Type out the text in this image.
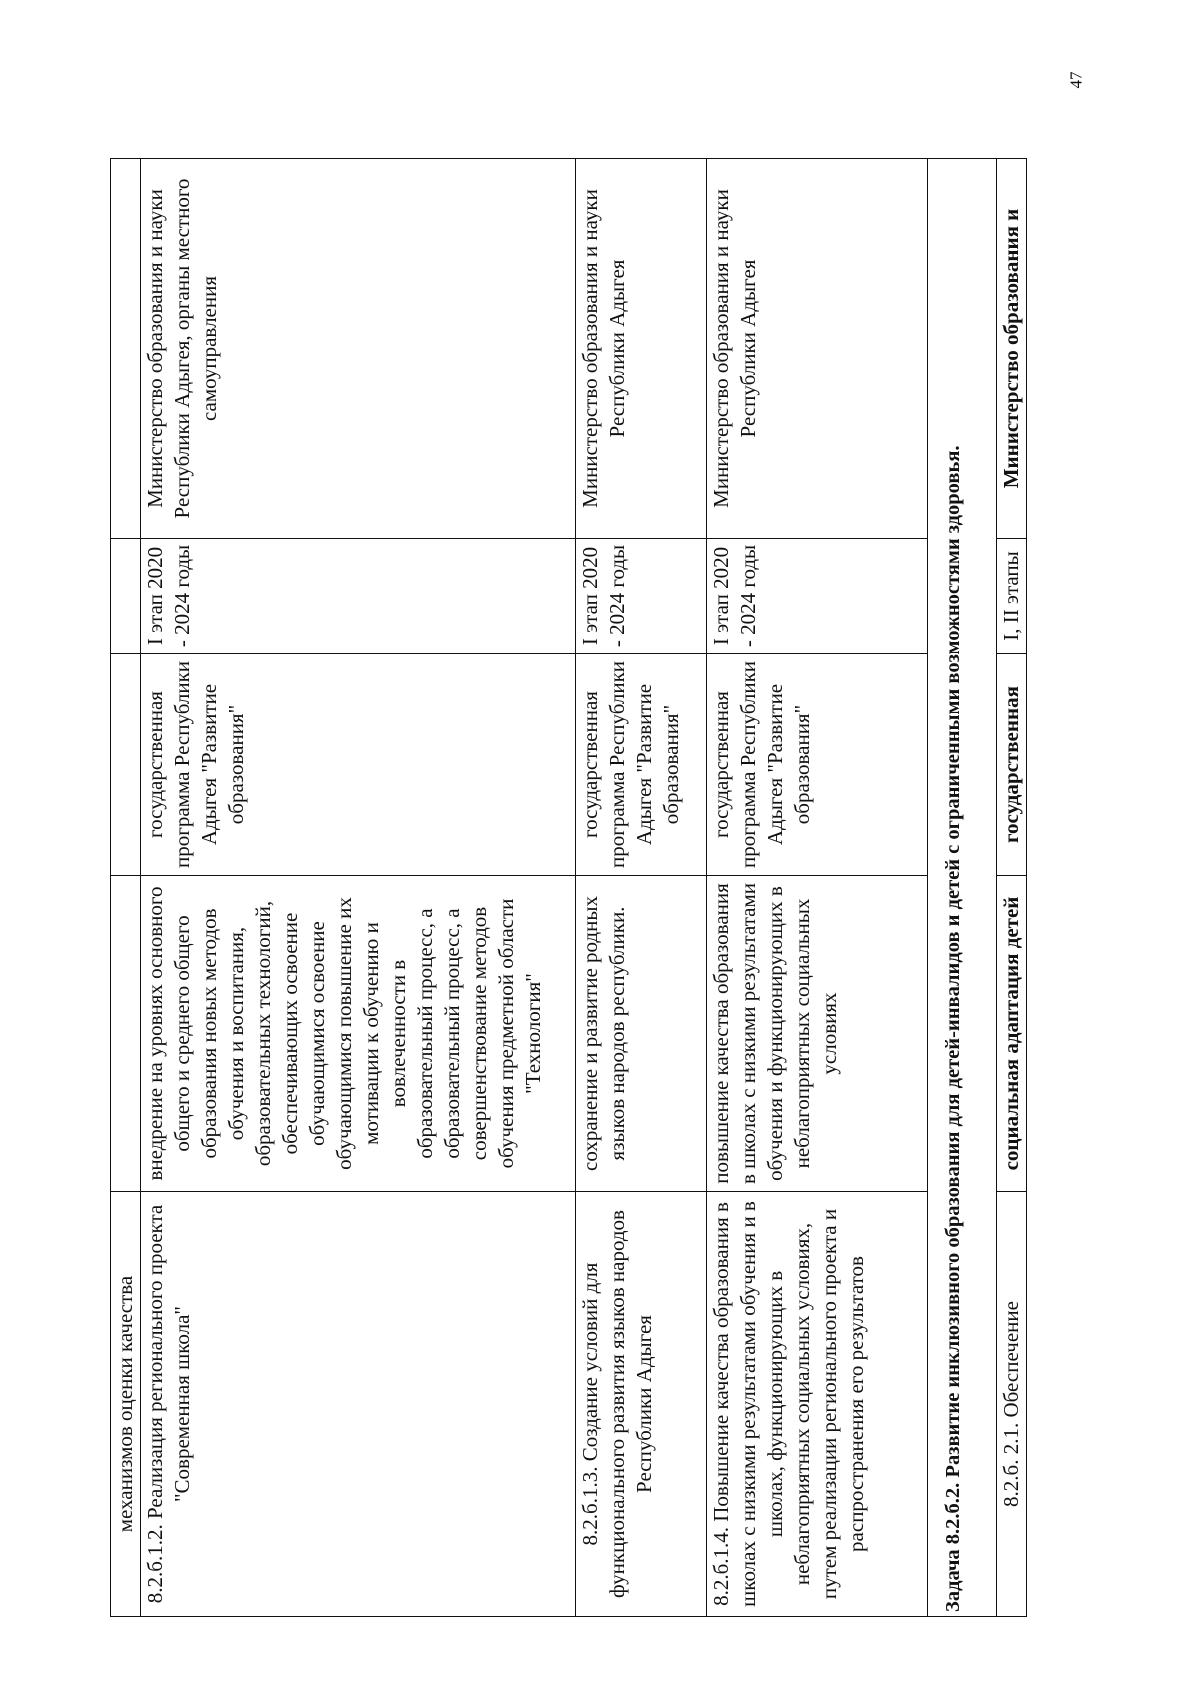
47
механизмов оценки качества				
8.2.б.1.2. Реализация регионального проекта "Современная школа"	внедрение на уровнях основного общего и среднего общего образования новых методов обучения и воспитания, образовательных технологий, обеспечивающих освоение обучающимися освоение обучающимися повышение их мотивации к обучению и вовлеченности в образовательный процесс, а образовательный процесс, а совершенствование методов обучения предметной области "Технология"	государственная программа Республики Адыгея "Развитие образования"	I этап 2020 - 2024 годы	Министерство образования и науки Республики Адыгея, органы местного самоуправления
8.2.б.1.3. Создание условий для функционального развития языков народов Республики Адыгея	сохранение и развитие родных языков народов республики.	государственная программа Республики Адыгея "Развитие образования"	I этап 2020 - 2024 годы	Министерство образования и науки Республики Адыгея
8.2.б.1.4. Повышение качества образования в школах с низкими результатами обучения и в школах, функционирующих в неблагоприятных социальных условиях, путем реализации регионального проекта и распространения его результатов	повышение качества образования в школах с низкими результатами обучения и функционирующих в неблагоприятных социальных условиях	государственная программа Республики Адыгея "Развитие образования"	I этап 2020 - 2024 годы	Министерство образования и науки Республики Адыгея
Задача 8.2.б.2. Развитие инклюзивного образования для детей-инвалидов и детей с ограниченными возможностями здоровья.				
8.2.б. 2.1. Обеспечение	социальная адаптация детей	государственная	I, II этапы	Министерство образования и
